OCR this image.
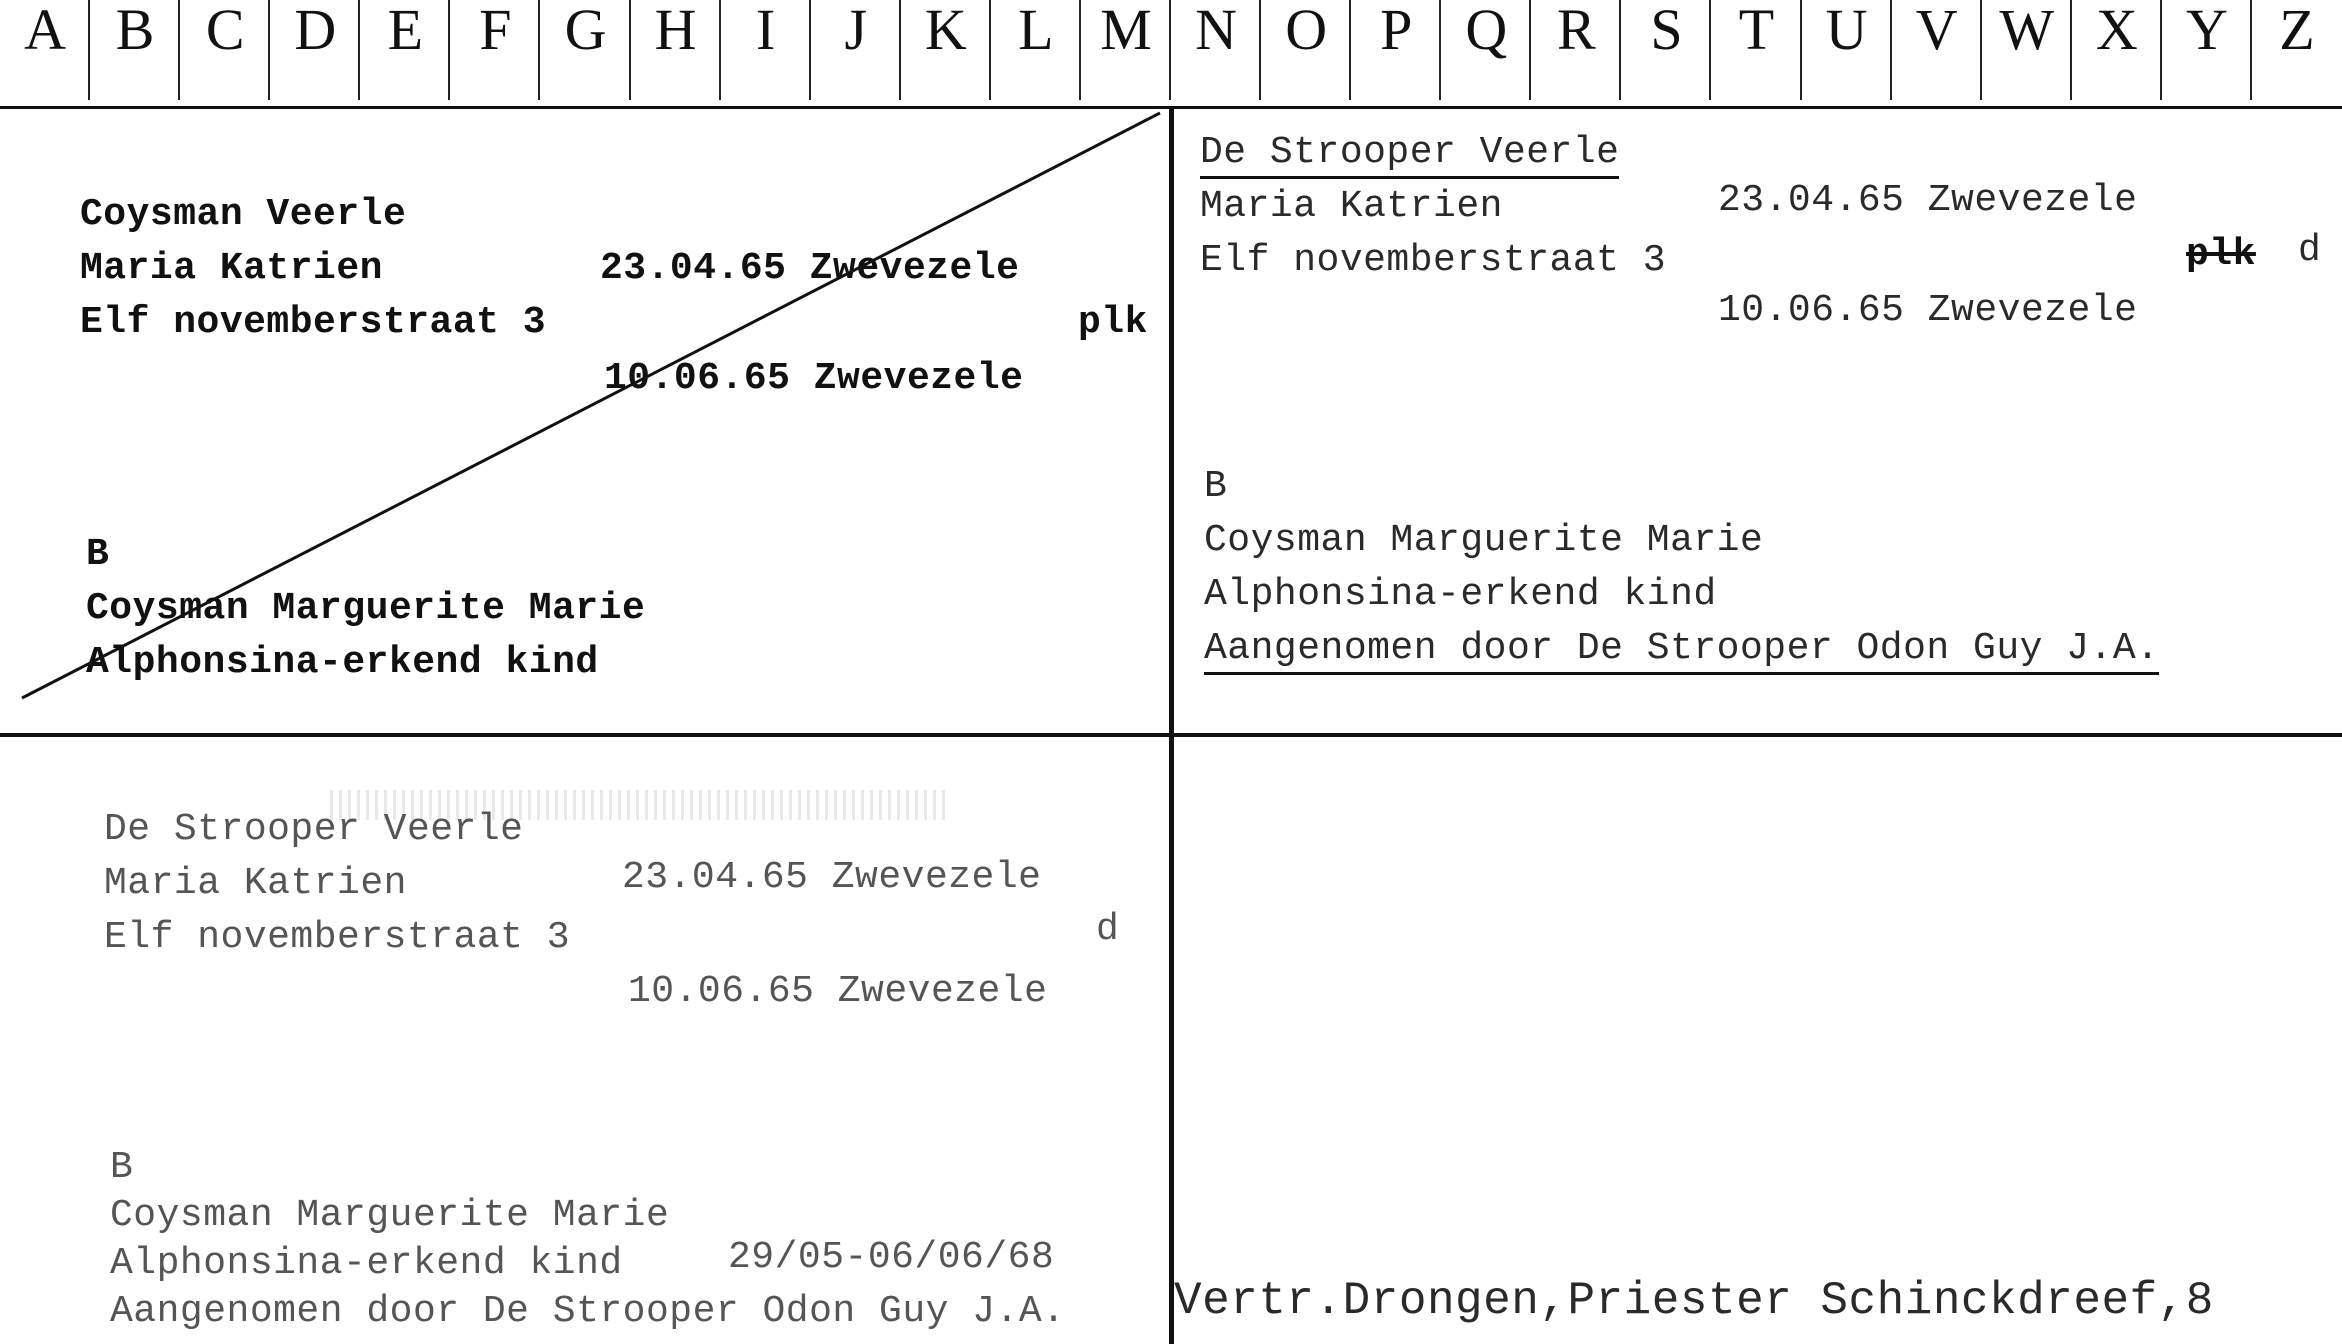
A B C D E F G H	I	J K L M N O P Q R S T U V W X Y Z
Coysman Veerle
Maria Katrien	23.04.65 Zwevezele
Elf novemberstraat 3	plk
10.06.65 Zwevezele
B
Coysman Marguerite Marie
Alphonsina-erkend kind
De Strooper Veerle
Maria Katrien	23.04.65 Zwevezele
Elf novemberstraat 3	plk d
10.06.65 Zwevezele
B
Coysman Marguerite Marie
Alphonsina-erkend kind
Aangenomen door De Strooper Odon Guy J.A.
De Strooper Veerle
Maria Katrien	23.04.65 Zwevezele
Elf novemberstraat 3	d
10.06.65 Zwevezele
B
Coysman Marguerite Marie
Alphonsina-erkend kind	29/05-06/06/68
Aangenomen door De Strooper Odon Guy J.A. Vertr.Drongen,Priester Schinckdreef,8
